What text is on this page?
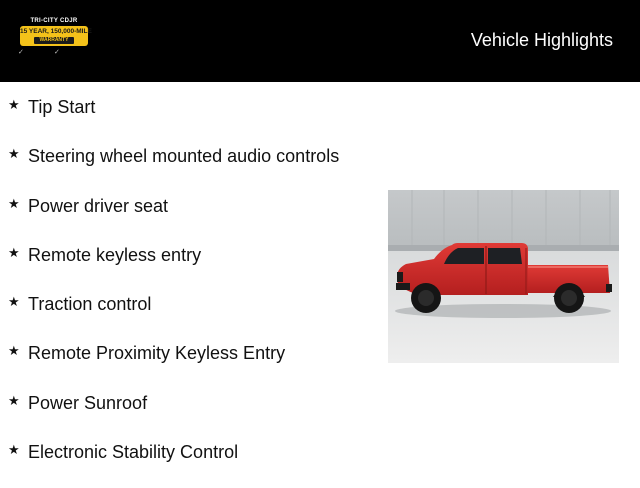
TRI-CITY CDJR
15 YEAR, 150,000-MILE
WARRANTY
✓	✓
Vehicle Highlights
★ Tip Start
★ Steering wheel mounted audio controls
★ Power driver seat
★ Remote keyless entry
★ Traction control
★ Remote Proximity Keyless Entry
★ Power Sunroof
★ Electronic Stability Control
